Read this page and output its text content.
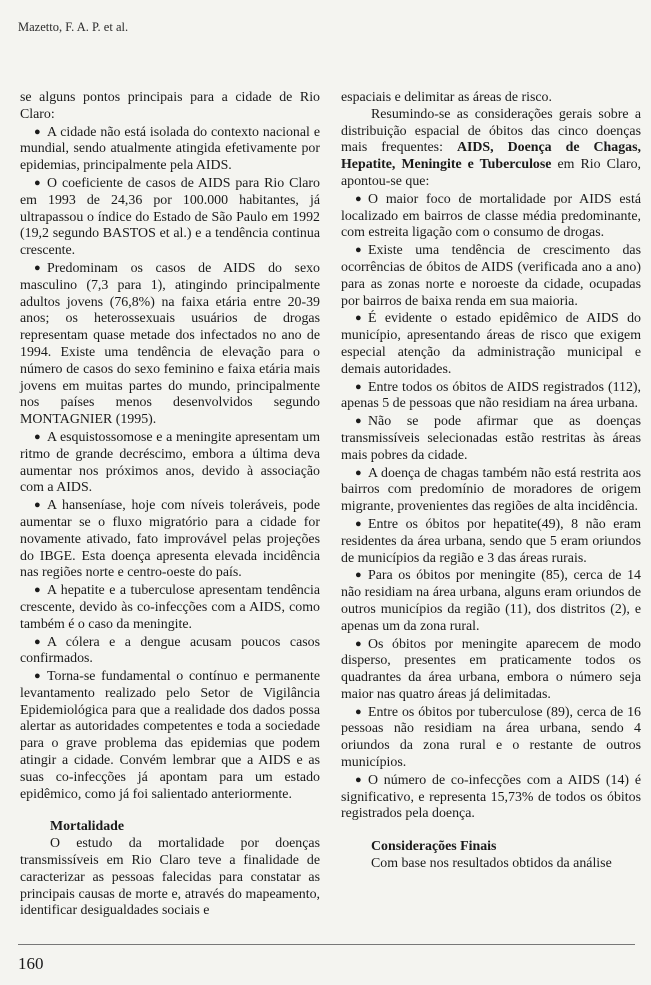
Mazetto, F. A. P. et al.

se alguns pontos principais para a cidade de Rio Claro:

● A cidade não está isolada do contexto nacional e mundial, sendo atualmente atingida efetivamente por epidemias, principalmente pela AIDS.

● O coeficiente de casos de AIDS para Rio Claro em 1993 de 24,36 por 100.000 habitantes, já ultrapassou o índice do Estado de São Paulo em 1992 (19,2 segundo BASTOS et al.) e a tendência continua crescente.

● Predominam os casos de AIDS do sexo masculino (7,3 para 1), atingindo principalmente adultos jovens (76,8%) na faixa etária entre 20-39 anos; os heterossexuais usuários de drogas representam quase metade dos infectados no ano de 1994. Existe uma tendência de elevação para o número de casos do sexo feminino e faixa etária mais jovens em muitas partes do mundo, principalmente nos países menos desenvolvidos segundo MONTAGNIER (1995).

● A esquistossomose e a meningite apresentam um ritmo de grande decréscimo, embora a última deva aumentar nos próximos anos, devido à associação com a AIDS.

● A hanseníase, hoje com níveis toleráveis, pode aumentar se o fluxo migratório para a cidade for novamente ativado, fato improvável pelas projeções do IBGE. Esta doença apresenta elevada incidência nas regiões norte e centro-oeste do país.

● A hepatite e a tuberculose apresentam tendência crescente, devido às co-infecções com a AIDS, como também é o caso da meningite.

● A cólera e a dengue acusam poucos casos confirmados.

● Torna-se fundamental o contínuo e permanente levantamento realizado pelo Setor de Vigilância Epidemiológica para que a realidade dos dados possa alertar as autoridades competentes e toda a sociedade para o grave problema das epidemias que podem atingir a cidade. Convém lembrar que a AIDS e as suas co-infecções já apontam para um estado epidêmico, como já foi salientado anteriormente.

Mortalidade

O estudo da mortalidade por doenças transmissíveis em Rio Claro teve a finalidade de caracterizar as pessoas falecidas para constatar as principais causas de morte e, através do mapeamento, identificar desigualdades sociais e

espaciais e delimitar as áreas de risco.

Resumindo-se as considerações gerais sobre a distribuição espacial de óbitos das cinco doenças mais frequentes: AIDS, Doença de Chagas, Hepatite, Meningite e Tuberculose em Rio Claro, apontou-se que:

● O maior foco de mortalidade por AIDS está localizado em bairros de classe média predominante, com estreita ligação com o consumo de drogas.

● Existe uma tendência de crescimento das ocorrências de óbitos de AIDS (verificada ano a ano) para as zonas norte e noroeste da cidade, ocupadas por bairros de baixa renda em sua maioria.

● É evidente o estado epidêmico de AIDS do município, apresentando áreas de risco que exigem especial atenção da administração municipal e demais autoridades.

● Entre todos os óbitos de AIDS registrados (112), apenas 5 de pessoas que não residiam na área urbana.

● Não se pode afirmar que as doenças transmissíveis selecionadas estão restritas às áreas mais pobres da cidade.

● A doença de chagas também não está restrita aos bairros com predomínio de moradores de origem migrante, provenientes das regiões de alta incidência.

● Entre os óbitos por hepatite(49), 8 não eram residentes da área urbana, sendo que 5 eram oriundos de municípios da região e 3 das áreas rurais.

● Para os óbitos por meningite (85), cerca de 14 não residiam na área urbana, alguns eram oriundos de outros municípios da região (11), dos distritos (2), e apenas um da zona rural.

● Os óbitos por meningite aparecem de modo disperso, presentes em praticamente todos os quadrantes da área urbana, embora o número seja maior nas quatro áreas já delimitadas.

● Entre os óbitos por tuberculose (89), cerca de 16 pessoas não residiam na área urbana, sendo 4 oriundos da zona rural e o restante de outros municípios.

● O número de co-infecções com a AIDS (14) é significativo, e representa 15,73% de todos os óbitos registrados pela doença.

Considerações Finais

Com base nos resultados obtidos da análise

160
